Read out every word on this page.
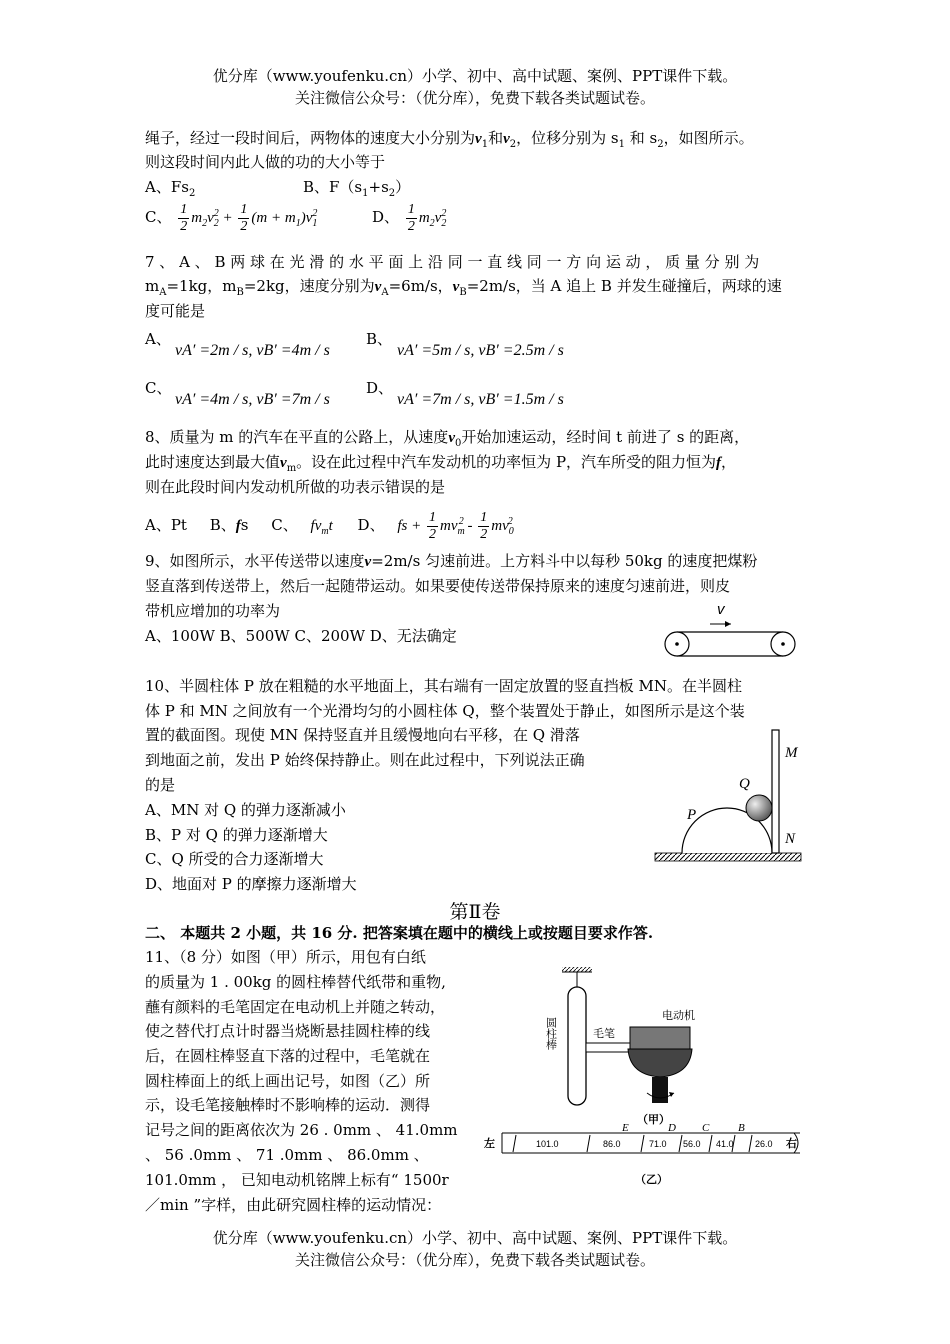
优分库（www.youfenku.cn）小学、初中、高中试题、案例、PPT课件下载。
关注微信公众号：（优分库），免费下载各类试题试卷。
绳子，经过一段时间后，两物体的速度大小分别为$v_1$和$v_2$，位移分别为 $s_1$ 和 $s_2$，如图所示。
则这段时间内此人做的功的大小等于
A、$Fs_2$	B、$F(s_1+s_2)$
C、 $\frac{1}{2} m_2v_2^2 + \frac{1}{2} (m + m_1)v_1^2$	D、 $\frac{1}{2} m_2v_2^2$
7 、 A 、 B 两 球 在 光 滑 的 水 平 面 上 沿 同 一 直 线 同 一 方 向 运 动 ， 质 量 分 别 为
$m_A=1kg$，$m_B=2kg$，速度分别为$v_A=6m/s$，$v_B=2m/s$，当 A 追上 B 并发生碰撞后，两球的速
度可能是
A、
vA′ =2m / s, vB′ =4m / s
B、
vA′ =5m / s, vB′ =2.5m / s
C、
vA′ =4m / s, vB′ =7m / s
D、
vA′ =7m / s, vB′ =1.5m / s
8、质量为 m 的汽车在平直的公路上，从速度$v_0$开始加速运动，经时间 t 前进了 s 的距离，
此时速度达到最大值$v_m$。设在此过程中汽车发动机的功率恒为 P，汽车所受的阻力恒为f，
则在此段时间内发动机所做的功表示错误的是
A、Pt B、fs C、 $fv_mt$ D、 fs + $\frac{1}{2} mv_m^2 - \frac{1}{2} mv_0^2$
9、如图所示，水平传送带以速度v=2m/s 匀速前进。上方料斗中以每秒 50kg 的速度把煤粉
竖直落到传送带上，然后一起随带运动。如果要使传送带保持原来的速度匀速前进，则皮
带机应增加的功率为
A、100W B、500W C、200W D、无法确定
v
10、半圆柱体 P 放在粗糙的水平地面上，其右端有一固定放置的竖直挡板 MN。在半圆柱
体 P 和 MN 之间放有一个光滑均匀的小圆柱体 Q，整个装置处于静止，如图所示是这个装
置的截面图。现使 MN 保持竖直并且缓慢地向右平移，在 Q 滑落
到地面之前，发出 P 始终保持静止。则在此过程中，下列说法正确
的是
A、MN 对 Q 的弹力逐渐减小
B、P 对 Q 的弹力逐渐增大
C、Q 所受的合力逐渐增大
D、地面对 P 的摩擦力逐渐增大
M
N
Q
P
第Ⅱ卷
二、 本题共 2 小题，共 16 分. 把答案填在题中的横线上或按题目要求作答.
11、（8 分）如图（甲）所示，用包有白纸
的质量为 1 . 00kg 的圆柱棒替代纸带和重物,
蘸有颜料的毛笔固定在电动机上并随之转动，
使之替代打点计时器当烧断悬挂圆柱棒的线
后，在圆柱棒竖直下落的过程中，毛笔就在
圆柱棒面上的纸上画出记号，如图（乙）所
示，设毛笔接触棒时不影响棒的运动．测得
记号之间的距离依次为 26 . 0mm 、 41.0mm
、 56 .0mm 、 71 .0mm 、 86.0mm 、
101.0mm ， 已知电动机铭牌上标有“ 1500r
／min ”字样，由此研究圆柱棒的运动情况：
圆柱棒	毛笔
电动机
（甲）
左	右
E	D C	B
101.0	86.0	71.0 56.0 41.0 26.0
（乙）
优分库（www.youfenku.cn）小学、初中、高中试题、案例、PPT课件下载。
关注微信公众号：（优分库），免费下载各类试题试卷。
